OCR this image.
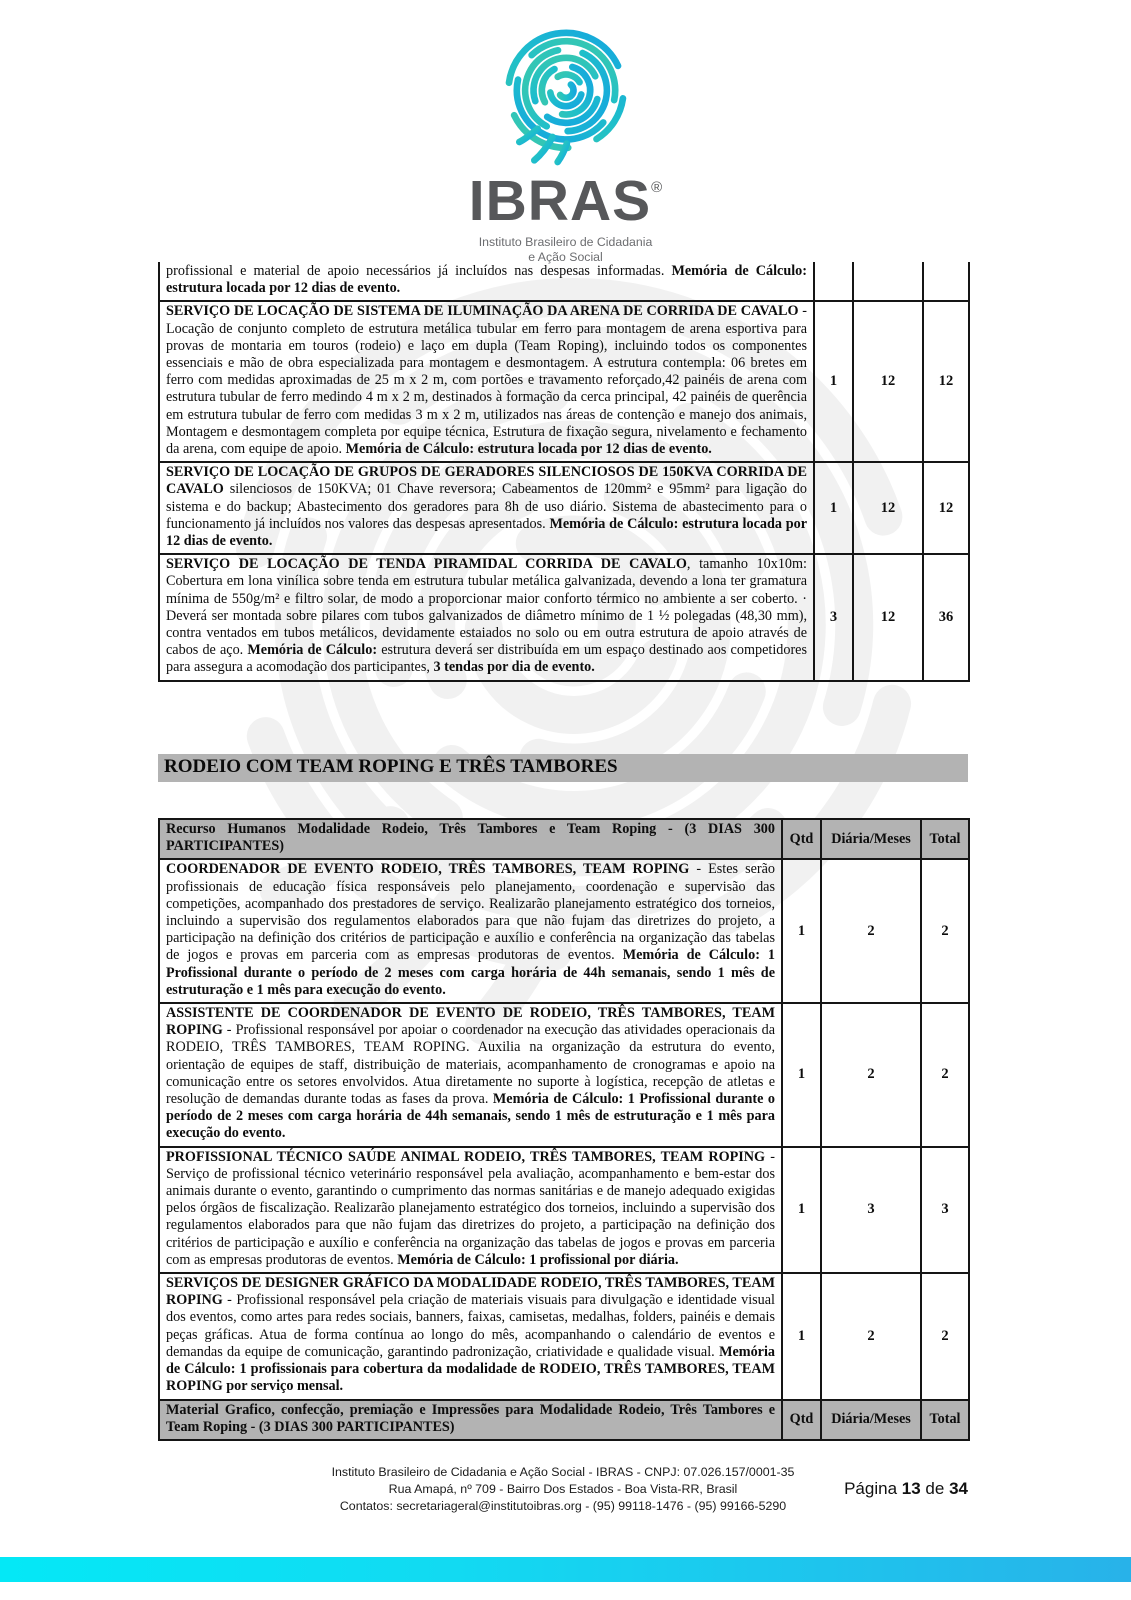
IBRAS®
Instituto Brasileiro de Cidadania
e Ação Social
profissional e material de apoio necessários já incluídos nas despesas informadas. Memória de Cálculo: estrutura locada por 12 dias de evento.			
SERVIÇO DE LOCAÇÃO DE SISTEMA DE ILUMINAÇÃO DA ARENA DE CORRIDA DE CAVALO - Locação de conjunto completo de estrutura metálica tubular em ferro para montagem de arena esportiva para provas de montaria em touros (rodeio) e laço em dupla (Team Roping), incluindo todos os componentes essenciais e mão de obra especializada para montagem e desmontagem. A estrutura contempla: 06 bretes em ferro com medidas aproximadas de 25 m x 2 m, com portões e travamento reforçado,42 painéis de arena com estrutura tubular de ferro medindo 4 m x 2 m, destinados à formação da cerca principal, 42 painéis de querência em estrutura tubular de ferro com medidas 3 m x 2 m, utilizados nas áreas de contenção e manejo dos animais, Montagem e desmontagem completa por equipe técnica, Estrutura de fixação segura, nivelamento e fechamento da arena, com equipe de apoio. Memória de Cálculo: estrutura locada por 12 dias de evento.	1	12	12
SERVIÇO DE LOCAÇÃO DE GRUPOS DE GERADORES SILENCIOSOS DE 150KVA CORRIDA DE CAVALO silenciosos de 150KVA; 01 Chave reversora; Cabeamentos de 120mm² e 95mm² para ligação do sistema e do backup; Abastecimento dos geradores para 8h de uso diário. Sistema de abastecimento para o funcionamento já incluídos nos valores das despesas apresentados. Memória de Cálculo: estrutura locada por 12 dias de evento.	1	12	12
SERVIÇO DE LOCAÇÃO DE TENDA PIRAMIDAL CORRIDA DE CAVALO, tamanho 10x10m: Cobertura em lona vinílica sobre tenda em estrutura tubular metálica galvanizada, devendo a lona ter gramatura mínima de 550g/m² e filtro solar, de modo a proporcionar maior conforto térmico no ambiente a ser coberto. · Deverá ser montada sobre pilares com tubos galvanizados de diâmetro mínimo de 1 ½ polegadas (48,30 mm), contra ventados em tubos metálicos, devidamente estaiados no solo ou em outra estrutura de apoio através de cabos de aço. Memória de Cálculo: estrutura deverá ser distribuída em um espaço destinado aos competidores para assegura a acomodação dos participantes, 3 tendas por dia de evento.	3	12	36
RODEIO COM TEAM ROPING E TRÊS TAMBORES
Recurso Humanos Modalidade Rodeio, Três Tambores e Team Roping - (3 DIAS 300 PARTICIPANTES)	Qtd	Diária/Meses	Total
COORDENADOR DE EVENTO RODEIO, TRÊS TAMBORES, TEAM ROPING - Estes serão profissionais de educação física responsáveis pelo planejamento, coordenação e supervisão das competições, acompanhado dos prestadores de serviço. Realizarão planejamento estratégico dos torneios, incluindo a supervisão dos regulamentos elaborados para que não fujam das diretrizes do projeto, a participação na definição dos critérios de participação e auxílio e conferência na organização das tabelas de jogos e provas em parceria com as empresas produtoras de eventos. Memória de Cálculo: 1 Profissional durante o período de 2 meses com carga horária de 44h semanais, sendo 1 mês de estruturação e 1 mês para execução do evento.	1	2	2
ASSISTENTE DE COORDENADOR DE EVENTO DE RODEIO, TRÊS TAMBORES, TEAM ROPING - Profissional responsável por apoiar o coordenador na execução das atividades operacionais da RODEIO, TRÊS TAMBORES, TEAM ROPING. Auxilia na organização da estrutura do evento, orientação de equipes de staff, distribuição de materiais, acompanhamento de cronogramas e apoio na comunicação entre os setores envolvidos. Atua diretamente no suporte à logística, recepção de atletas e resolução de demandas durante todas as fases da prova. Memória de Cálculo: 1 Profissional durante o período de 2 meses com carga horária de 44h semanais, sendo 1 mês de estruturação e 1 mês para execução do evento.	1	2	2
PROFISSIONAL TÉCNICO SAÚDE ANIMAL RODEIO, TRÊS TAMBORES, TEAM ROPING - Serviço de profissional técnico veterinário responsável pela avaliação, acompanhamento e bem-estar dos animais durante o evento, garantindo o cumprimento das normas sanitárias e de manejo adequado exigidas pelos órgãos de fiscalização. Realizarão planejamento estratégico dos torneios, incluindo a supervisão dos regulamentos elaborados para que não fujam das diretrizes do projeto, a participação na definição dos critérios de participação e auxílio e conferência na organização das tabelas de jogos e provas em parceria com as empresas produtoras de eventos. Memória de Cálculo: 1 profissional por diária.	1	3	3
SERVIÇOS DE DESIGNER GRÁFICO DA MODALIDADE RODEIO, TRÊS TAMBORES, TEAM ROPING - Profissional responsável pela criação de materiais visuais para divulgação e identidade visual dos eventos, como artes para redes sociais, banners, faixas, camisetas, medalhas, folders, painéis e demais peças gráficas. Atua de forma contínua ao longo do mês, acompanhando o calendário de eventos e demandas da equipe de comunicação, garantindo padronização, criatividade e qualidade visual. Memória de Cálculo: 1 profissionais para cobertura da modalidade de RODEIO, TRÊS TAMBORES, TEAM ROPING por serviço mensal.	1	2	2
Material Grafico, confecção, premiação e Impressões para Modalidade Rodeio, Três Tambores e Team Roping - (3 DIAS 300 PARTICIPANTES)	Qtd	Diária/Meses	Total
Instituto Brasileiro de Cidadania e Ação Social - IBRAS - CNPJ: 07.026.157/0001-35
Rua Amapá, nº 709 - Bairro Dos Estados - Boa Vista-RR, Brasil
Contatos: secretariageral@institutoibras.org - (95) 99118-1476 - (95) 99166-5290
Página 13 de 34
